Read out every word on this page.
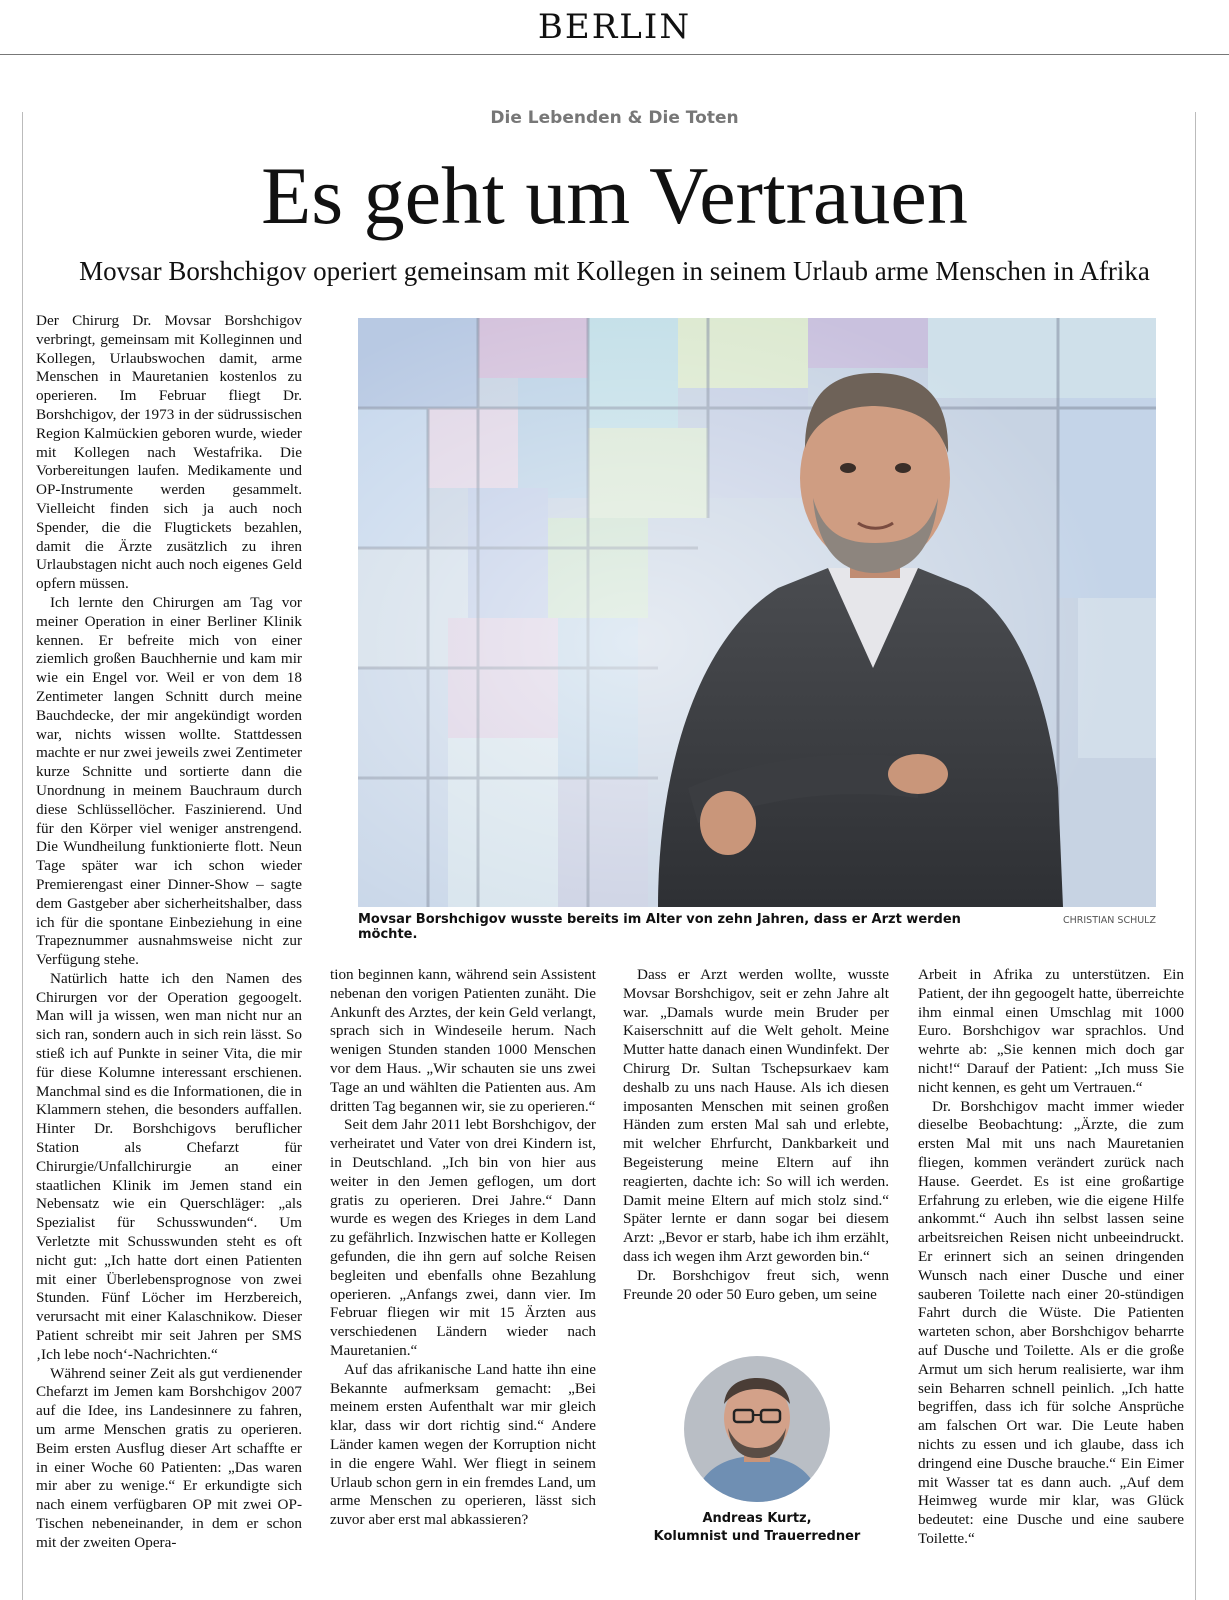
BERLIN
Die Lebenden & Die Toten
Es geht um Vertrauen
Movsar Borshchigov operiert gemeinsam mit Kollegen in seinem Urlaub arme Menschen in Afrika

Der Chirurg Dr. Movsar Borshchigov verbringt, gemeinsam mit Kolleginnen und Kollegen, Urlaubswochen damit, arme Menschen in Mauretanien kostenlos zu operieren. Im Februar fliegt Dr. Borshchigov, der 1973 in der südrussischen Region Kalmückien geboren wurde, wieder mit Kollegen nach Westafrika. Die Vorbereitungen laufen. Medikamente und OP-Instrumente werden gesammelt. Vielleicht finden sich ja auch noch Spender, die die Flugtickets bezahlen, damit die Ärzte zusätzlich zu ihren Urlaubstagen nicht auch noch eigenes Geld opfern müssen.

Ich lernte den Chirurgen am Tag vor meiner Operation in einer Berliner Klinik kennen. Er befreite mich von einer ziemlich großen Bauchhernie und kam mir wie ein Engel vor. Weil er von dem 18 Zentimeter langen Schnitt durch meine Bauchdecke, der mir angekündigt worden war, nichts wissen wollte. Stattdessen machte er nur zwei jeweils zwei Zentimeter kurze Schnitte und sortierte dann die Unordnung in meinem Bauchraum durch diese Schlüssellöcher. Faszinierend. Und für den Körper viel weniger anstrengend. Die Wundheilung funktionierte flott. Neun Tage später war ich schon wieder Premierengast einer Dinner-Show – sagte dem Gastgeber aber sicherheitshalber, dass ich für die spontane Einbeziehung in eine Trapeznummer ausnahmsweise nicht zur Verfügung stehe.

Natürlich hatte ich den Namen des Chirurgen vor der Operation gegoogelt. Man will ja wissen, wen man nicht nur an sich ran, sondern auch in sich rein lässt. So stieß ich auf Punkte in seiner Vita, die mir für diese Kolumne interessant erschienen. Manchmal sind es die Informationen, die in Klammern stehen, die besonders auffallen. Hinter Dr. Borshchigovs beruflicher Station als Chefarzt für Chirurgie/Unfallchirurgie an einer staatlichen Klinik im Jemen stand ein Nebensatz wie ein Querschläger: „als Spezialist für Schusswunden“. Um Verletzte mit Schusswunden steht es oft nicht gut: „Ich hatte dort einen Patienten mit einer Überlebensprognose von zwei Stunden. Fünf Löcher im Herzbereich, verursacht mit einer Kalaschnikow. Dieser Patient schreibt mir seit Jahren per SMS ‚Ich lebe noch‘-Nachrichten.“

Während seiner Zeit als gut verdienender Chefarzt im Jemen kam Borshchigov 2007 auf die Idee, ins Landesinnere zu fahren, um arme Menschen gratis zu operieren. Beim ersten Ausflug dieser Art schaffte er in einer Woche 60 Patienten: „Das waren mir aber zu wenige.“ Er erkundigte sich nach einem verfügbaren OP mit zwei OP-Tischen nebeneinander, in dem er schon mit der zweiten Opera-

Movsar Borshchigov wusste bereits im Alter von zehn Jahren, dass er Arzt werden möchte.
CHRISTIAN SCHULZ

tion beginnen kann, während sein Assistent nebenan den vorigen Patienten zunäht. Die Ankunft des Arztes, der kein Geld verlangt, sprach sich in Windeseile herum. Nach wenigen Stunden standen 1000 Menschen vor dem Haus. „Wir schauten sie uns zwei Tage an und wählten die Patienten aus. Am dritten Tag begannen wir, sie zu operieren.“

Seit dem Jahr 2011 lebt Borshchigov, der verheiratet und Vater von drei Kindern ist, in Deutschland. „Ich bin von hier aus weiter in den Jemen geflogen, um dort gratis zu operieren. Drei Jahre.“ Dann wurde es wegen des Krieges in dem Land zu gefährlich. Inzwischen hatte er Kollegen gefunden, die ihn gern auf solche Reisen begleiten und ebenfalls ohne Bezahlung operieren. „Anfangs zwei, dann vier. Im Februar fliegen wir mit 15 Ärzten aus verschiedenen Ländern wieder nach Mauretanien.“

Auf das afrikanische Land hatte ihn eine Bekannte aufmerksam gemacht: „Bei meinem ersten Aufenthalt war mir gleich klar, dass wir dort richtig sind.“ Andere Länder kamen wegen der Korruption nicht in die engere Wahl. Wer fliegt in seinem Urlaub schon gern in ein fremdes Land, um arme Menschen zu operieren, lässt sich zuvor aber erst mal abkassieren?

Dass er Arzt werden wollte, wusste Movsar Borshchigov, seit er zehn Jahre alt war. „Damals wurde mein Bruder per Kaiserschnitt auf die Welt geholt. Meine Mutter hatte danach einen Wundinfekt. Der Chirurg Dr. Sultan Tschepsurkaev kam deshalb zu uns nach Hause. Als ich diesen imposanten Menschen mit seinen großen Händen zum ersten Mal sah und erlebte, mit welcher Ehrfurcht, Dankbarkeit und Begeisterung meine Eltern auf ihn reagierten, dachte ich: So will ich werden. Damit meine Eltern auf mich stolz sind.“ Später lernte er dann sogar bei diesem Arzt: „Bevor er starb, habe ich ihm erzählt, dass ich wegen ihm Arzt geworden bin.“

Dr. Borshchigov freut sich, wenn Freunde 20 oder 50 Euro geben, um seine

Andreas Kurtz,
Kolumnist und Trauerredner

Arbeit in Afrika zu unterstützen. Ein Patient, der ihn gegoogelt hatte, überreichte ihm einmal einen Umschlag mit 1000 Euro. Borshchigov war sprachlos. Und wehrte ab: „Sie kennen mich doch gar nicht!“ Darauf der Patient: „Ich muss Sie nicht kennen, es geht um Vertrauen.“

Dr. Borshchigov macht immer wieder dieselbe Beobachtung: „Ärzte, die zum ersten Mal mit uns nach Mauretanien fliegen, kommen verändert zurück nach Hause. Geerdet. Es ist eine großartige Erfahrung zu erleben, wie die eigene Hilfe ankommt.“ Auch ihn selbst lassen seine arbeitsreichen Reisen nicht unbeeindruckt. Er erinnert sich an seinen dringenden Wunsch nach einer Dusche und einer sauberen Toilette nach einer 20-stündigen Fahrt durch die Wüste. Die Patienten warteten schon, aber Borshchigov beharrte auf Dusche und Toilette. Als er die große Armut um sich herum realisierte, war ihm sein Beharren schnell peinlich. „Ich hatte begriffen, dass ich für solche Ansprüche am falschen Ort war. Die Leute haben nichts zu essen und ich glaube, dass ich dringend eine Dusche brauche.“ Ein Eimer mit Wasser tat es dann auch. „Auf dem Heimweg wurde mir klar, was Glück bedeutet: eine Dusche und eine saubere Toilette.“
